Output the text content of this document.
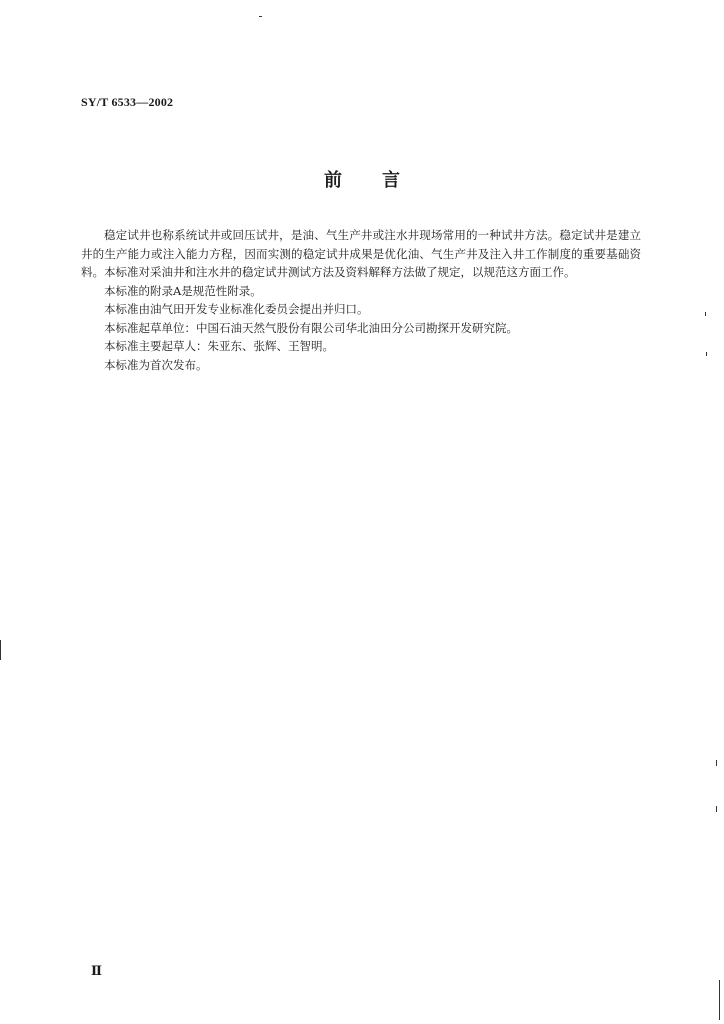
SY/T 6533—2002
前 言

稳定试井也称系统试井或回压试井，是油、气生产井或注水井现场常用的一种试井方法。稳定试井是建立井的生产能力或注入能力方程，因而实测的稳定试井成果是优化油、气生产井及注入井工作制度的重要基础资料。本标准对采油井和注水井的稳定试井测试方法及资料解释方法做了规定，以规范这方面工作。

本标准的附录A是规范性附录。

本标准由油气田开发专业标准化委员会提出并归口。

本标准起草单位：中国石油天然气股份有限公司华北油田分公司勘探开发研究院。

本标准主要起草人：朱亚东、张辉、王智明。

本标准为首次发布。

Ⅱ
